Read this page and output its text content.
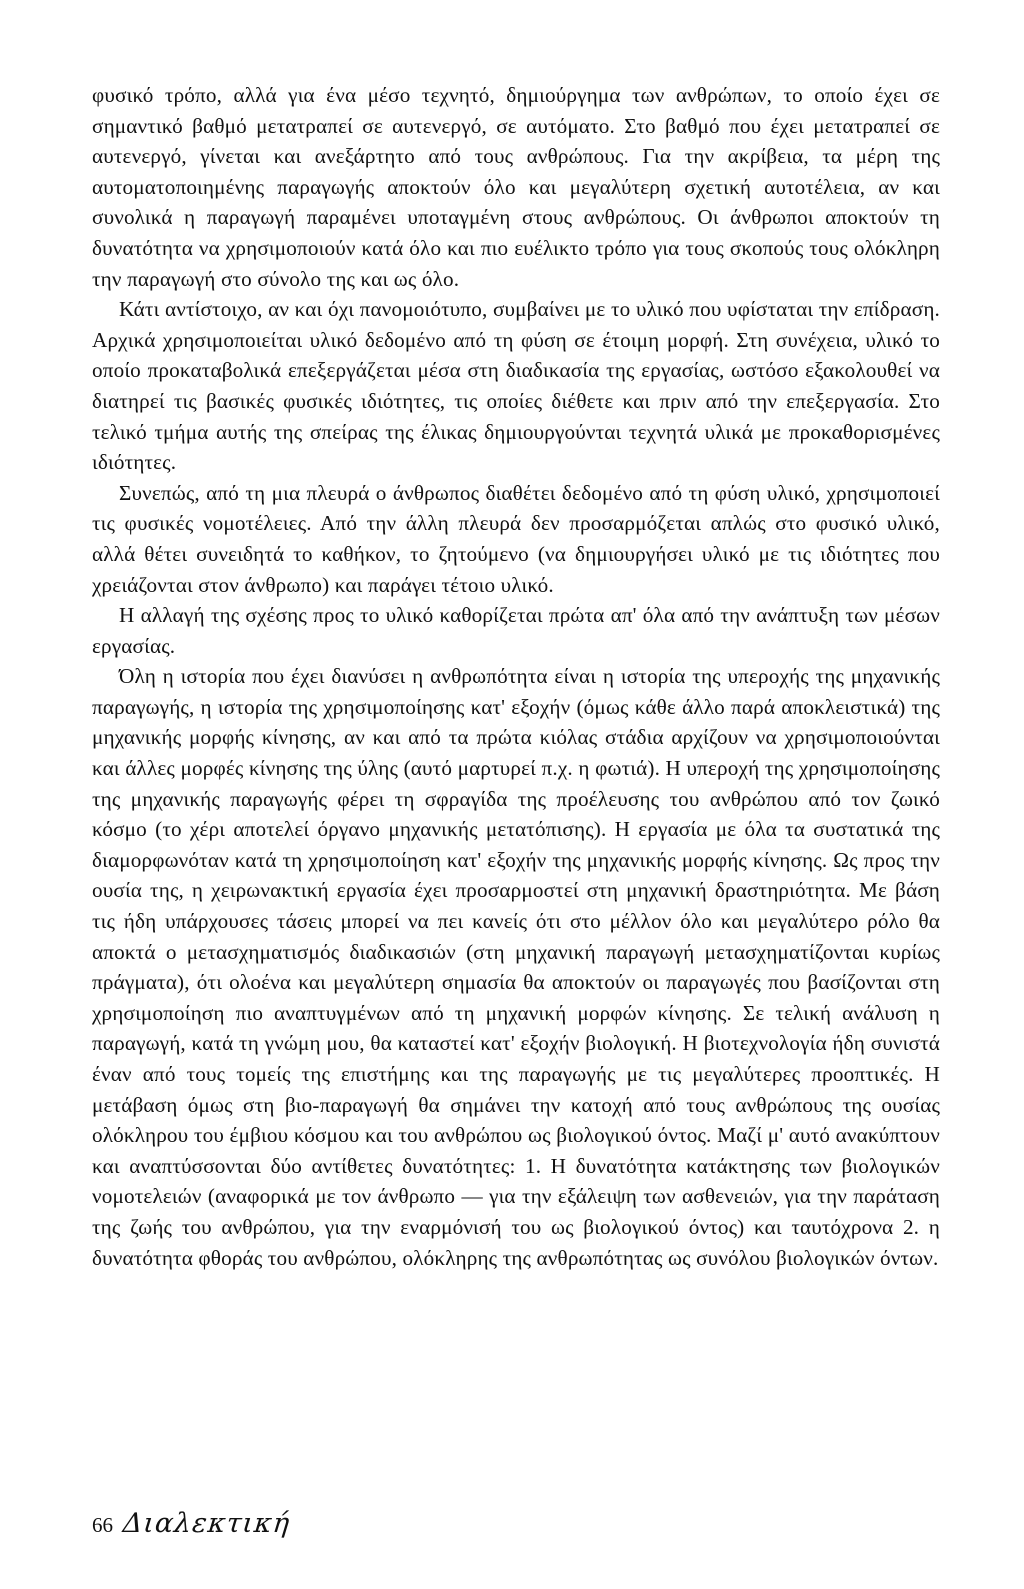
φυσικό τρόπο, αλλά για ένα μέσο τεχνητό, δημιούργημα των ανθρώπων, το οποίο έχει σε σημαντικό βαθμό μετατραπεί σε αυτενεργό, σε αυτόματο. Στο βαθμό που έχει μετατραπεί σε αυτενεργό, γίνεται και ανεξάρτητο από τους ανθρώπους. Για την ακρίβεια, τα μέρη της αυτοματοποιημένης παραγωγής αποκτούν όλο και μεγαλύτερη σχετική αυτοτέλεια, αν και συνολικά η παραγωγή παραμένει υποταγμένη στους ανθρώπους. Οι άνθρωποι αποκτούν τη δυνατότητα να χρησιμοποιούν κατά όλο και πιο ευέλικτο τρόπο για τους σκοπούς τους ολόκληρη την παραγωγή στο σύνολο της και ως όλο.

Κάτι αντίστοιχο, αν και όχι πανομοιότυπο, συμβαίνει με το υλικό που υφίσταται την επίδραση. Αρχικά χρησιμοποιείται υλικό δεδομένο από τη φύση σε έτοιμη μορφή. Στη συνέχεια, υλικό το οποίο προκαταβολικά επεξεργάζεται μέσα στη διαδικασία της εργασίας, ωστόσο εξακολουθεί να διατηρεί τις βασικές φυσικές ιδιότητες, τις οποίες διέθετε και πριν από την επεξεργασία. Στο τελικό τμήμα αυτής της σπείρας της έλικας δημιουργούνται τεχνητά υλικά με προκαθορισμένες ιδιότητες.

Συνεπώς, από τη μια πλευρά ο άνθρωπος διαθέτει δεδομένο από τη φύση υλικό, χρησιμοποιεί τις φυσικές νομοτέλειες. Από την άλλη πλευρά δεν προσαρμόζεται απλώς στο φυσικό υλικό, αλλά θέτει συνειδητά το καθήκον, το ζητούμενο (να δημιουργήσει υλικό με τις ιδιότητες που χρειάζονται στον άνθρωπο) και παράγει τέτοιο υλικό.

Η αλλαγή της σχέσης προς το υλικό καθορίζεται πρώτα απ' όλα από την ανάπτυξη των μέσων εργασίας.

Όλη η ιστορία που έχει διανύσει η ανθρωπότητα είναι η ιστορία της υπεροχής της μηχανικής παραγωγής, η ιστορία της χρησιμοποίησης κατ' εξοχήν (όμως κάθε άλλο παρά αποκλειστικά) της μηχανικής μορφής κίνησης, αν και από τα πρώτα κιόλας στάδια αρχίζουν να χρησιμοποιούνται και άλλες μορφές κίνησης της ύλης (αυτό μαρτυρεί π.χ. η φωτιά). Η υπεροχή της χρησιμοποίησης της μηχανικής παραγωγής φέρει τη σφραγίδα της προέλευσης του ανθρώπου από τον ζωικό κόσμο (το χέρι αποτελεί όργανο μηχανικής μετατόπισης). Η εργασία με όλα τα συστατικά της διαμορφωνόταν κατά τη χρησιμοποίηση κατ' εξοχήν της μηχανικής μορφής κίνησης. Ως προς την ουσία της, η χειρωνακτική εργασία έχει προσαρμοστεί στη μηχανική δραστηριότητα. Με βάση τις ήδη υπάρχουσες τάσεις μπορεί να πει κανείς ότι στο μέλλον όλο και μεγαλύτερο ρόλο θα αποκτά ο μετασχηματισμός διαδικασιών (στη μηχανική παραγωγή μετασχηματίζονται κυρίως πράγματα), ότι ολοένα και μεγαλύτερη σημασία θα αποκτούν οι παραγωγές που βασίζονται στη χρησιμοποίηση πιο αναπτυγμένων από τη μηχανική μορφών κίνησης. Σε τελική ανάλυση η παραγωγή, κατά τη γνώμη μου, θα καταστεί κατ' εξοχήν βιολογική. Η βιοτεχνολογία ήδη συνιστά έναν από τους τομείς της επιστήμης και της παραγωγής με τις μεγαλύτερες προοπτικές. Η μετάβαση όμως στη βιο-παραγωγή θα σημάνει την κατοχή από τους ανθρώπους της ουσίας ολόκληρου του έμβιου κόσμου και του ανθρώπου ως βιολογικού όντος. Μαζί μ' αυτό ανακύπτουν και αναπτύσσονται δύο αντίθετες δυνατότητες: 1. Η δυνατότητα κατάκτησης των βιολογικών νομοτελειών (αναφορικά με τον άνθρωπο — για την εξάλειψη των ασθενειών, για την παράταση της ζωής του ανθρώπου, για την εναρμόνισή του ως βιολογικού όντος) και ταυτόχρονα 2. η δυνατότητα φθοράς του ανθρώπου, ολόκληρης της ανθρωπότητας ως συνόλου βιολογικών όντων.

66 Διαλεκτική
